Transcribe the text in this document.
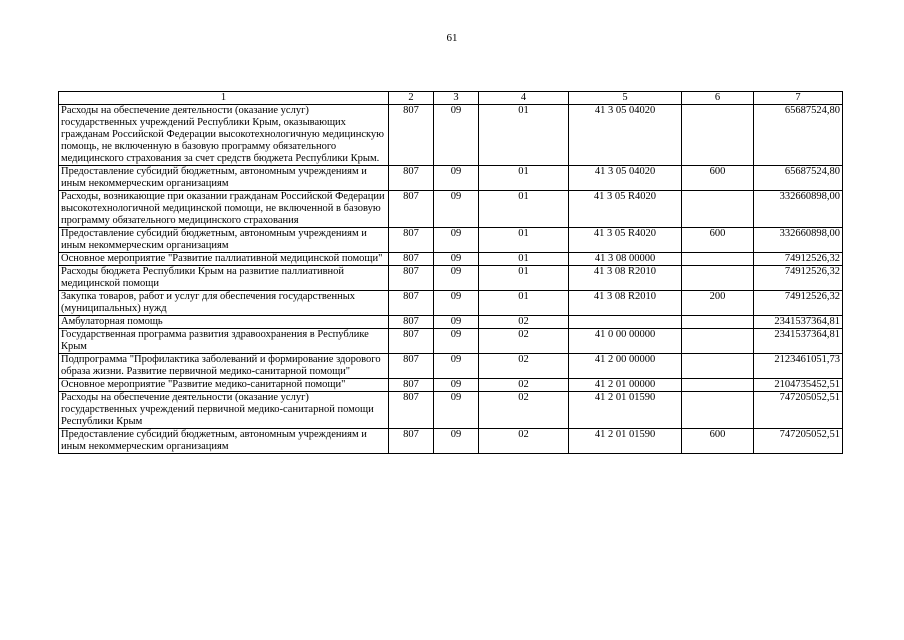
61
1	2	3	4	5	6	7
Расходы на обеспечение деятельности (оказание услуг) государственных учреждений Республики Крым, оказывающих гражданам Российской Федерации высокотехнологичную медицинскую помощь, не включенную в базовую программу обязательного медицинского страхования за счет средств бюджета Республики Крым.	807	09	01	41 3 05 04020		65687524,80
Предоставление субсидий бюджетным, автономным учреждениям и иным некоммерческим организациям	807	09	01	41 3 05 04020	600	65687524,80
Расходы, возникающие при оказании гражданам Российской Федерации высокотехнологичной медицинской помощи, не включенной в базовую программу обязательного медицинского страхования	807	09	01	41 3 05 R4020		332660898,00
Предоставление субсидий бюджетным, автономным учреждениям и иным некоммерческим организациям	807	09	01	41 3 05 R4020	600	332660898,00
Основное мероприятие "Развитие паллиативной медицинской помощи"	807	09	01	41 3 08 00000		74912526,32
Расходы бюджета Республики Крым на развитие паллиативной медицинской помощи	807	09	01	41 3 08 R2010		74912526,32
Закупка товаров, работ и услуг для обеспечения государственных (муниципальных) нужд	807	09	01	41 3 08 R2010	200	74912526,32
Амбулаторная помощь	807	09	02			2341537364,81
Государственная программа развития здравоохранения в Республике Крым	807	09	02	41 0 00 00000		2341537364,81
Подпрограмма "Профилактика заболеваний и формирование здорового образа жизни. Развитие первичной медико-санитарной помощи"	807	09	02	41 2 00 00000		2123461051,73
Основное мероприятие "Развитие медико-санитарной помощи"	807	09	02	41 2 01 00000		2104735452,51
Расходы на обеспечение деятельности (оказание услуг) государственных учреждений первичной медико-санитарной помощи Республики Крым	807	09	02	41 2 01 01590		747205052,51
Предоставление субсидий бюджетным, автономным учреждениям и иным некоммерческим организациям	807	09	02	41 2 01 01590	600	747205052,51
